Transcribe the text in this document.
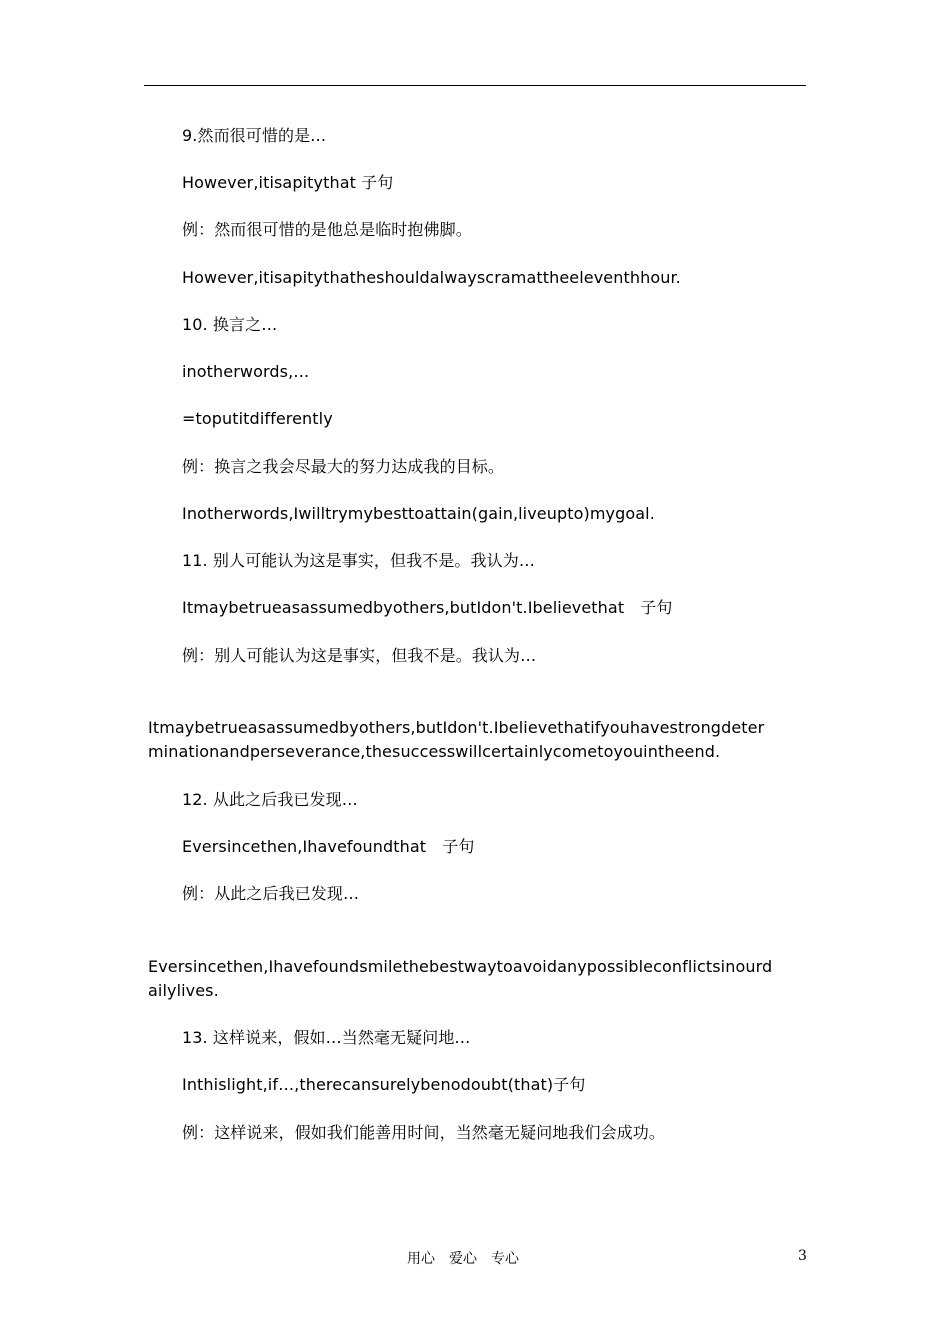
9.然而很可惜的是…
However,itisapitythat 子句
例：然而很可惜的是他总是临时抱佛脚。
However,itisapitythatheshouldalwayscramattheeleventhhour.
10. 换言之…
inotherwords,…
=toputitdifferently
例：换言之我会尽最大的努力达成我的目标。
Inotherwords,Iwilltrymybesttoattain(gain,liveupto)mygoal.
11. 别人可能认为这是事实，但我不是。我认为…
Itmaybetrueasassumedbyothers,butIdon't.Ibelievethat　子句
例：别人可能认为这是事实，但我不是。我认为…
Itmaybetrueasassumedbyothers,butIdon't.Ibelievethatifyouhavestrongdeter
minationandperseverance,thesuccesswillcertainlycometoyouintheend.
12. 从此之后我已发现…
Eversincethen,Ihavefoundthat　子句
例：从此之后我已发现…
Eversincethen,Ihavefoundsmilethebestwaytoavoidanypossibleconflictsinourd
ailylives.
13. 这样说来，假如…当然毫无疑问地…
Inthislight,if…,therecansurelybenodoubt(that)子句
例：这样说来，假如我们能善用时间，当然毫无疑问地我们会成功。
用心　爱心　专心	3
